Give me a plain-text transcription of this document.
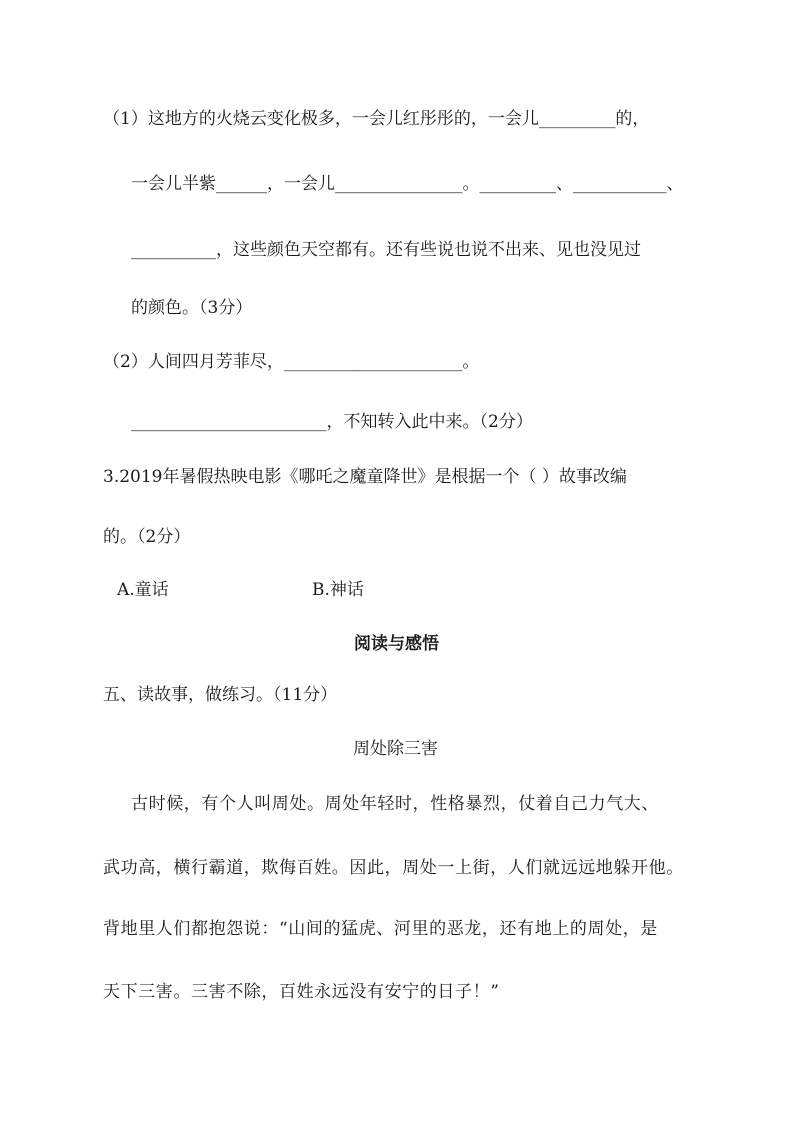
（1）这地方的火烧云变化极多，一会儿红彤彤的，一会儿_________的，
一会儿半紫______，一会儿_______________。_________、___________、
__________，这些颜色天空都有。还有些说也说不出来、见也没见过
的颜色。（3分）
（2）人间四月芳菲尽，_____________________。
_______________________，不知转入此中来。（2分）
3.2019年暑假热映电影《哪吒之魔童降世》是根据一个（ ）故事改编
的。（2分）
A.童话	B.神话
阅读与感悟
五、读故事，做练习。（11分）
周处除三害
古时候，有个人叫周处。周处年轻时，性格暴烈，仗着自己力气大、
武功高，横行霸道，欺侮百姓。因此，周处一上街，人们就远远地躲开他。
背地里人们都抱怨说：“山间的猛虎、河里的恶龙，还有地上的周处，是
天下三害。三害不除，百姓永远没有安宁的日子！”
